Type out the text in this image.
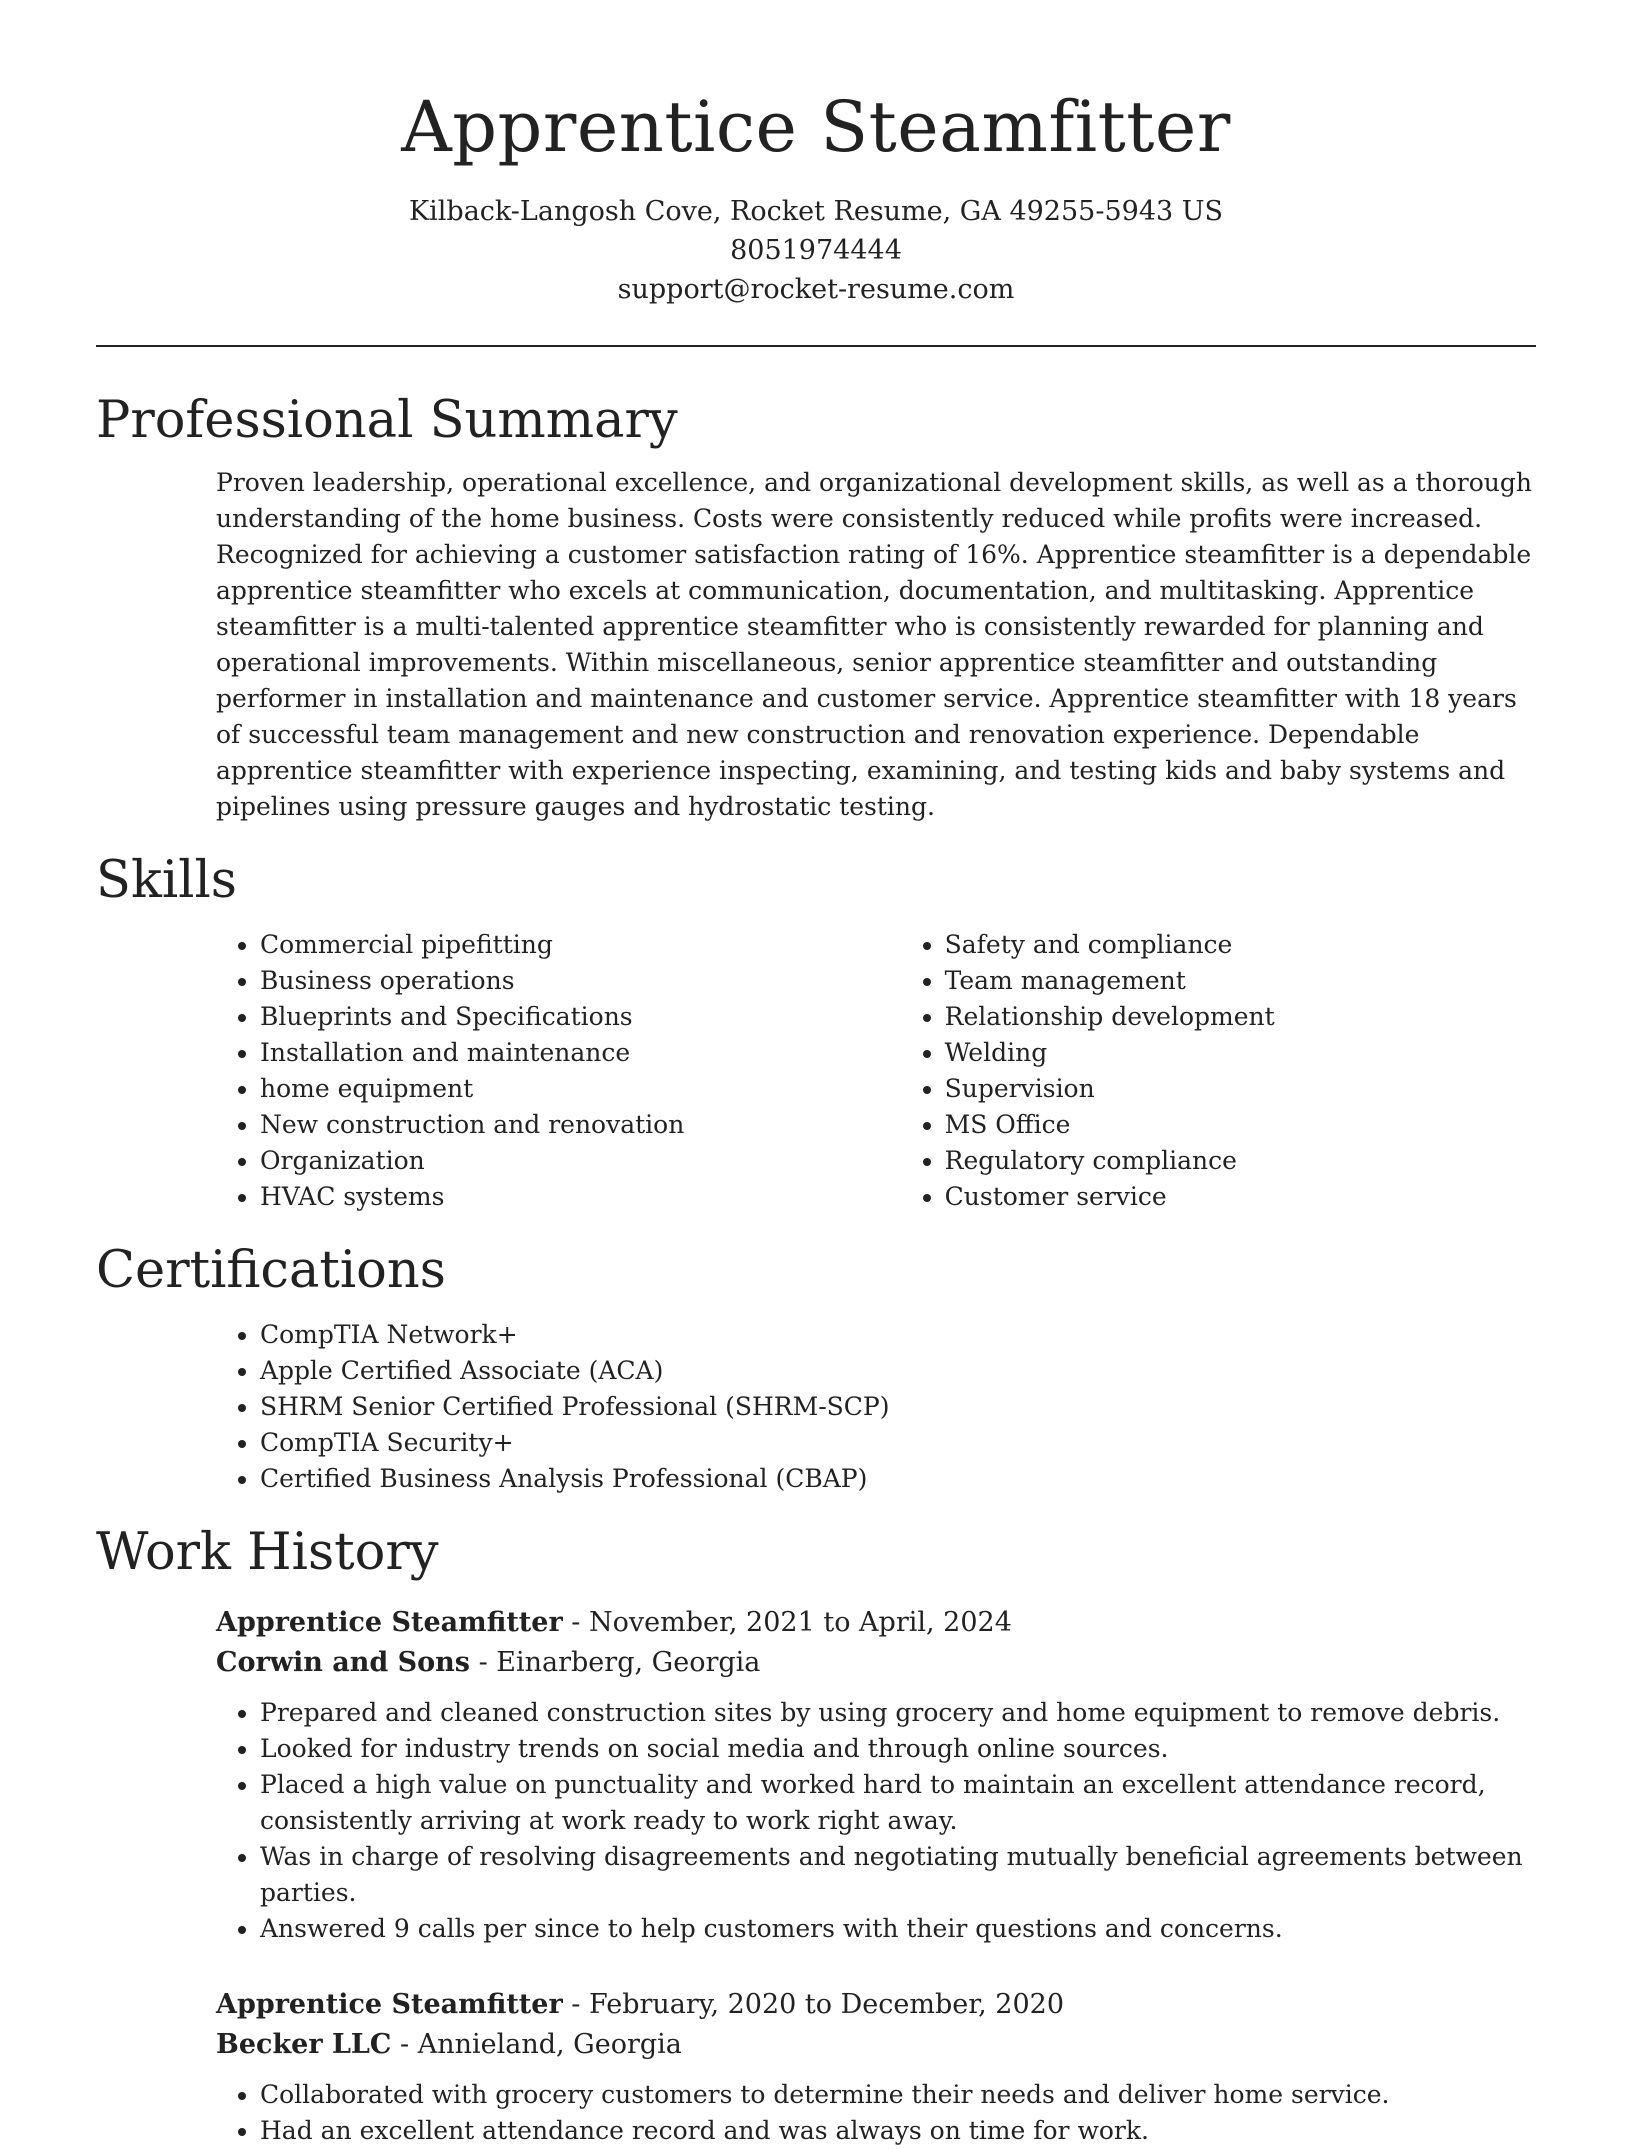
Apprentice Steamfitter
Kilback-Langosh Cove, Rocket Resume, GA 49255-5943 US
8051974444
support@rocket-resume.com
Professional Summary

Proven leadership, operational excellence, and organizational development skills, as well as a thorough understanding of the home business. Costs were consistently reduced while profits were increased. Recognized for achieving a customer satisfaction rating of 16%. Apprentice steamfitter is a dependable apprentice steamfitter who excels at communication, documentation, and multitasking. Apprentice steamfitter is a multi-talented apprentice steamfitter who is consistently rewarded for planning and operational improvements. Within miscellaneous, senior apprentice steamfitter and outstanding performer in installation and maintenance and customer service. Apprentice steamfitter with 18 years of successful team management and new construction and renovation experience. Dependable apprentice steamfitter with experience inspecting, examining, and testing kids and baby systems and pipelines using pressure gauges and hydrostatic testing.

Skills
• Commercial pipefitting
• Business operations
• Blueprints and Specifications
• Installation and maintenance
• home equipment
• New construction and renovation
• Organization
• HVAC systems
• Safety and compliance
• Team management
• Relationship development
• Welding
• Supervision
• MS Office
• Regulatory compliance
• Customer service
Certifications
• CompTIA Network+
• Apple Certified Associate (ACA)
• SHRM Senior Certified Professional (SHRM-SCP)
• CompTIA Security+
• Certified Business Analysis Professional (CBAP)
Work History
Apprentice Steamfitter - November, 2021 to April, 2024
Corwin and Sons - Einarberg, Georgia
• Prepared and cleaned construction sites by using grocery and home equipment to remove debris.
• Looked for industry trends on social media and through online sources.
• Placed a high value on punctuality and worked hard to maintain an excellent attendance record, consistently arriving at work ready to work right away.
• Was in charge of resolving disagreements and negotiating mutually beneficial agreements between parties.
• Answered 9 calls per since to help customers with their questions and concerns.
Apprentice Steamfitter - February, 2020 to December, 2020
Becker LLC - Annieland, Georgia
• Collaborated with grocery customers to determine their needs and deliver home service.
• Had an excellent attendance record and was always on time for work.
